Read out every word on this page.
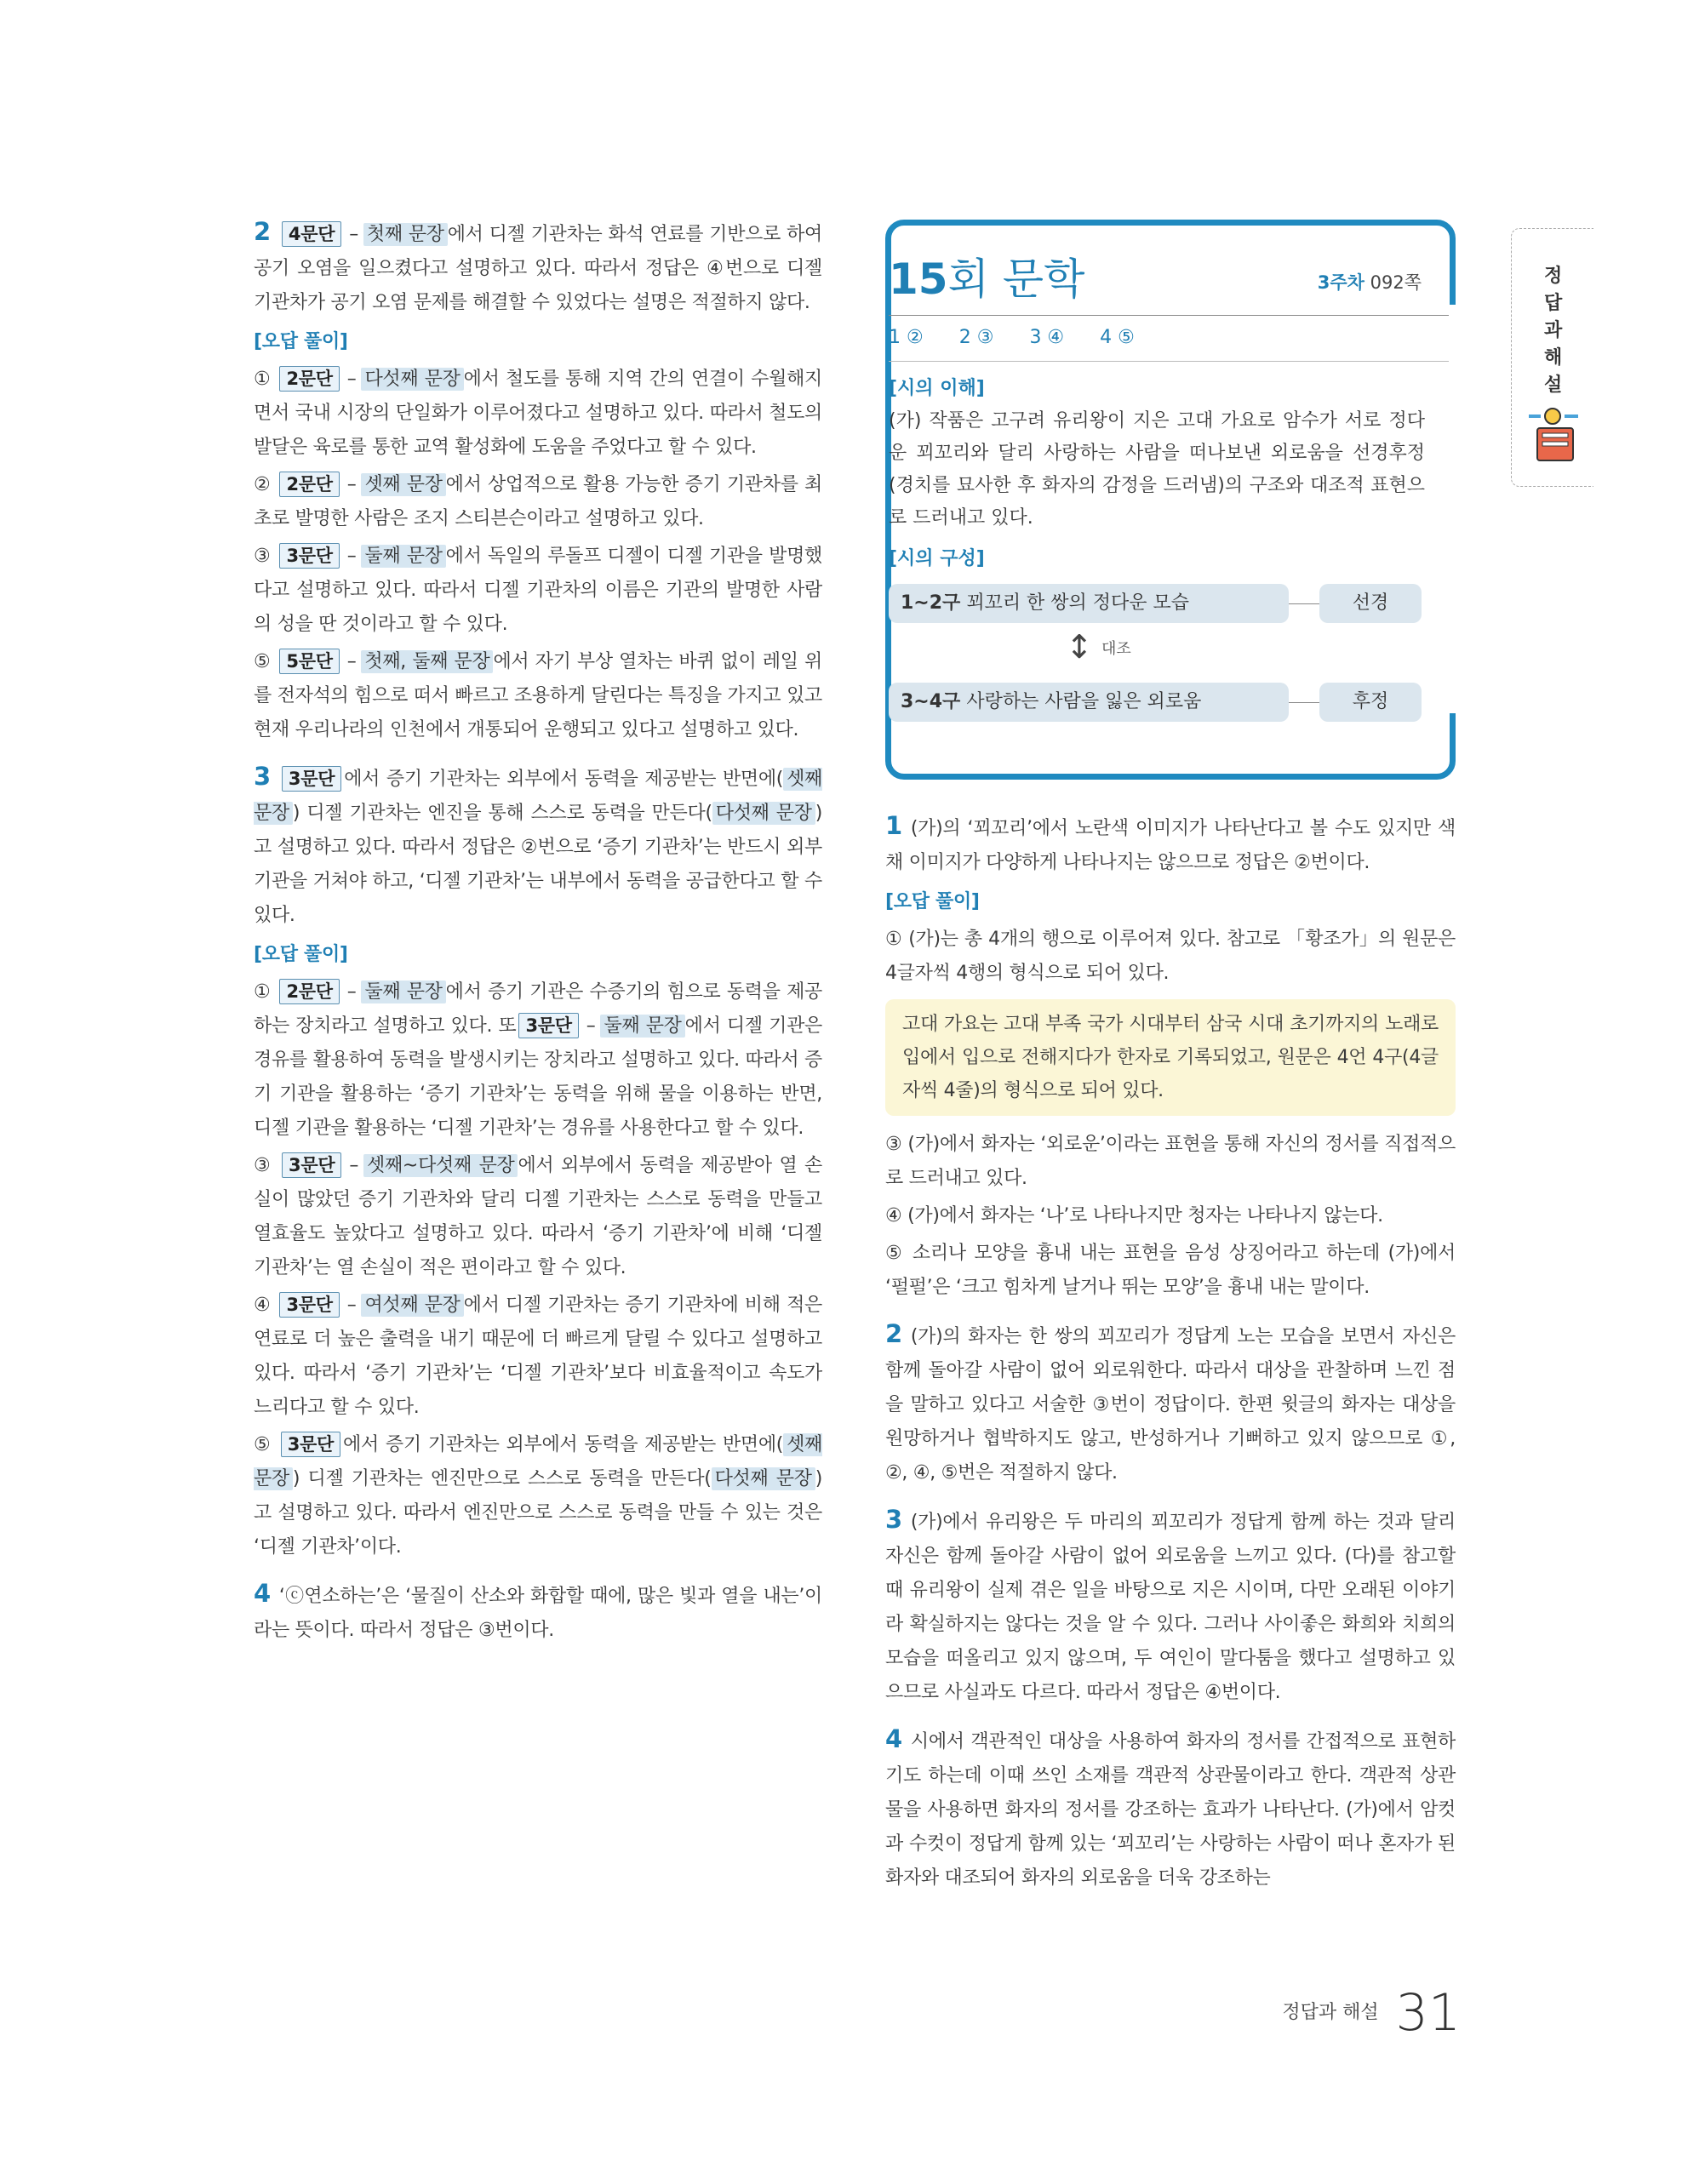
2 4문단 – 첫째 문장 에서 디젤 기관차는 화석 연료를 기반으로 하여 공기 오염을 일으켰다고 설명하고 있다. 따라서 정답은 ④번으로 디젤 기관차가 공기 오염 문제를 해결할 수 있었다는 설명은 적절하지 않다.

[오답 풀이]

① 2문단 – 다섯째 문장 에서 철도를 통해 지역 간의 연결이 수월해지면서 국내 시장의 단일화가 이루어졌다고 설명하고 있다. 따라서 철도의 발달은 육로를 통한 교역 활성화에 도움을 주었다고 할 수 있다.

② 2문단 – 셋째 문장 에서 상업적으로 활용 가능한 증기 기관차를 최초로 발명한 사람은 조지 스티븐슨이라고 설명하고 있다.

③ 3문단 – 둘째 문장 에서 독일의 루돌프 디젤이 디젤 기관을 발명했다고 설명하고 있다. 따라서 디젤 기관차의 이름은 기관의 발명한 사람의 성을 딴 것이라고 할 수 있다.

⑤ 5문단 – 첫째, 둘째 문장 에서 자기 부상 열차는 바퀴 없이 레일 위를 전자석의 힘으로 떠서 빠르고 조용하게 달린다는 특징을 가지고 있고 현재 우리나라의 인천에서 개통되어 운행되고 있다고 설명하고 있다.

3 3문단 에서 증기 기관차는 외부에서 동력을 제공받는 반면에( 셋째 문장 ) 디젤 기관차는 엔진을 통해 스스로 동력을 만든다( 다섯째 문장 )고 설명하고 있다. 따라서 정답은 ②번으로 ‘증기 기관차’는 반드시 외부 기관을 거쳐야 하고, ‘디젤 기관차’는 내부에서 동력을 공급한다고 할 수 있다.

[오답 풀이]

① 2문단 – 둘째 문장 에서 증기 기관은 수증기의 힘으로 동력을 제공하는 장치라고 설명하고 있다. 또 3문단 – 둘째 문장 에서 디젤 기관은 경유를 활용하여 동력을 발생시키는 장치라고 설명하고 있다. 따라서 증기 기관을 활용하는 ‘증기 기관차’는 동력을 위해 물을 이용하는 반면, 디젤 기관을 활용하는 ‘디젤 기관차’는 경유를 사용한다고 할 수 있다.

③ 3문단 – 셋째~다섯째 문장 에서 외부에서 동력을 제공받아 열 손실이 많았던 증기 기관차와 달리 디젤 기관차는 스스로 동력을 만들고 열효율도 높았다고 설명하고 있다. 따라서 ‘증기 기관차’에 비해 ‘디젤 기관차’는 열 손실이 적은 편이라고 할 수 있다.

④ 3문단 – 여섯째 문장 에서 디젤 기관차는 증기 기관차에 비해 적은 연료로 더 높은 출력을 내기 때문에 더 빠르게 달릴 수 있다고 설명하고 있다. 따라서 ‘증기 기관차’는 ‘디젤 기관차’보다 비효율적이고 속도가 느리다고 할 수 있다.

⑤ 3문단 에서 증기 기관차는 외부에서 동력을 제공받는 반면에( 셋째 문장 ) 디젤 기관차는 엔진만으로 스스로 동력을 만든다( 다섯째 문장 )고 설명하고 있다. 따라서 엔진만으로 스스로 동력을 만들 수 있는 것은 ‘디젤 기관차’이다.

4 ‘ⓒ연소하는’은 ‘물질이 산소와 화합할 때에, 많은 빛과 열을 내는’이라는 뜻이다. 따라서 정답은 ③번이다.

15회 문학	3주차 092쪽
1 ② 2 ③ 3 ④ 4 ⑤

[시의 이해]

(가) 작품은 고구려 유리왕이 지은 고대 가요로 암수가 서로 정다운 꾀꼬리와 달리 사랑하는 사람을 떠나보낸 외로움을 선경후정(경치를 묘사한 후 화자의 감정을 드러냄)의 구조와 대조적 표현으로 드러내고 있다.

[시의 구성]

1~2구 꾀꼬리 한 쌍의 정다운 모습	선경
↕ 대조
3~4구 사랑하는 사람을 잃은 외로움	후정

1 (가)의 ‘꾀꼬리’에서 노란색 이미지가 나타난다고 볼 수도 있지만 색채 이미지가 다양하게 나타나지는 않으므로 정답은 ②번이다.

[오답 풀이]

① (가)는 총 4개의 행으로 이루어져 있다. 참고로 「황조가」의 원문은 4글자씩 4행의 형식으로 되어 있다.

고대 가요는 고대 부족 국가 시대부터 삼국 시대 초기까지의 노래로 입에서 입으로 전해지다가 한자로 기록되었고, 원문은 4언 4구(4글자씩 4줄)의 형식으로 되어 있다.

③ (가)에서 화자는 ‘외로운’이라는 표현을 통해 자신의 정서를 직접적으로 드러내고 있다.

④ (가)에서 화자는 ‘나’로 나타나지만 청자는 나타나지 않는다.

⑤ 소리나 모양을 흉내 내는 표현을 음성 상징어라고 하는데 (가)에서 ‘펄펄’은 ‘크고 힘차게 날거나 뛰는 모양’을 흉내 내는 말이다.

2 (가)의 화자는 한 쌍의 꾀꼬리가 정답게 노는 모습을 보면서 자신은 함께 돌아갈 사람이 없어 외로워한다. 따라서 대상을 관찰하며 느낀 점을 말하고 있다고 서술한 ③번이 정답이다. 한편 윗글의 화자는 대상을 원망하거나 협박하지도 않고, 반성하거나 기뻐하고 있지 않으므로 ①, ②, ④, ⑤번은 적절하지 않다.

3 (가)에서 유리왕은 두 마리의 꾀꼬리가 정답게 함께 하는 것과 달리 자신은 함께 돌아갈 사람이 없어 외로움을 느끼고 있다. (다)를 참고할 때 유리왕이 실제 겪은 일을 바탕으로 지은 시이며, 다만 오래된 이야기라 확실하지는 않다는 것을 알 수 있다. 그러나 사이좋은 화희와 치희의 모습을 떠올리고 있지 않으며, 두 여인이 말다툼을 했다고 설명하고 있으므로 사실과도 다르다. 따라서 정답은 ④번이다.

4 시에서 객관적인 대상을 사용하여 화자의 정서를 간접적으로 표현하기도 하는데 이때 쓰인 소재를 객관적 상관물이라고 한다. 객관적 상관물을 사용하면 화자의 정서를 강조하는 효과가 나타난다. (가)에서 암컷과 수컷이 정답게 함께 있는 ‘꾀꼬리’는 사랑하는 사람이 떠나 혼자가 된 화자와 대조되어 화자의 외로움을 더욱 강조하는

정답과해설
정답과 해설 31
